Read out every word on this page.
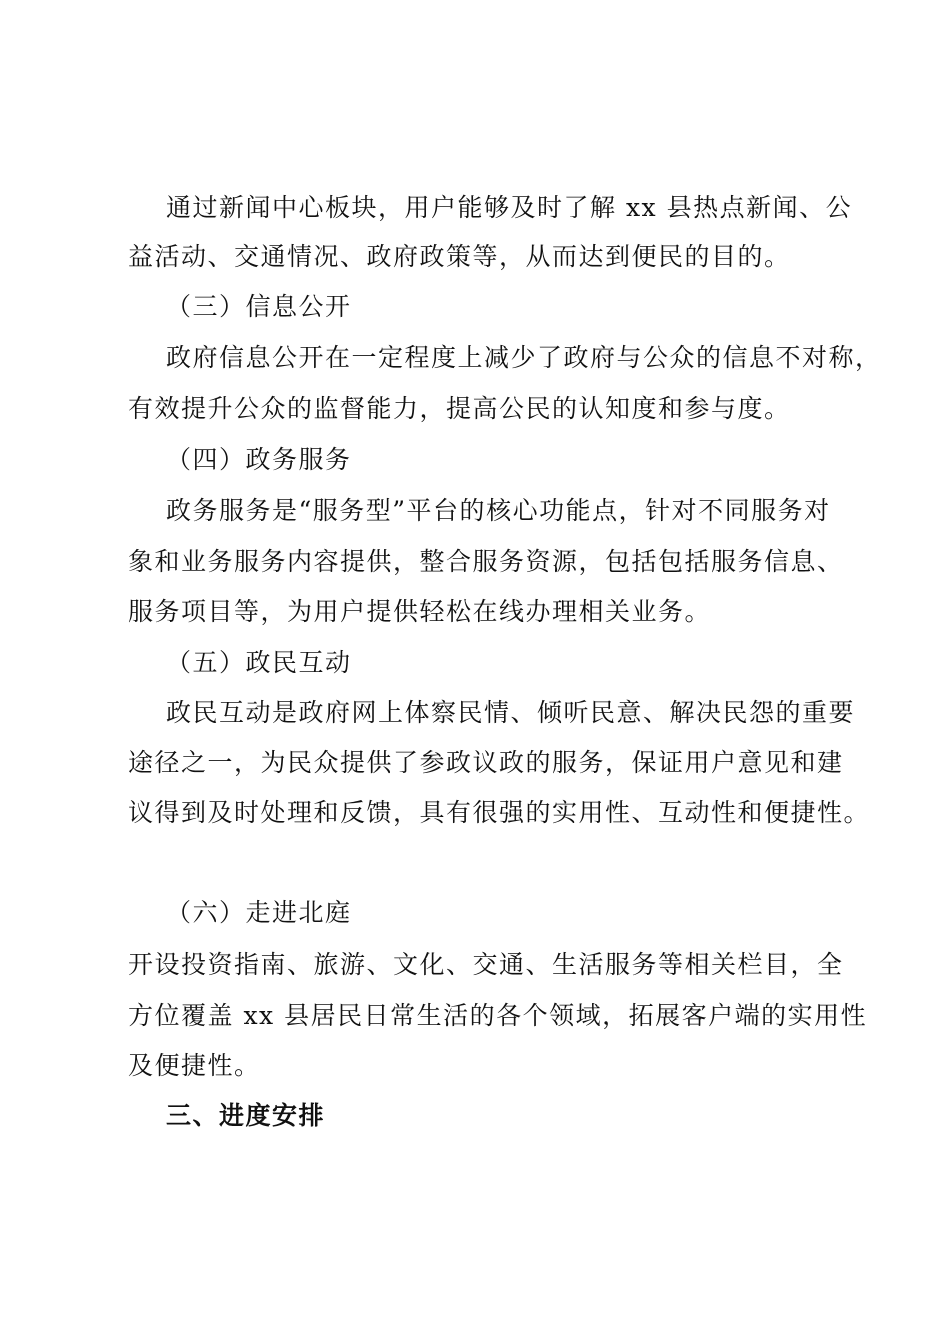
通过新闻中心板块，用户能够及时了解 xx 县热点新闻、公
益活动、交通情况、政府政策等，从而达到便民的目的。
（三）信息公开
政府信息公开在一定程度上减少了政府与公众的信息不对称，
有效提升公众的监督能力，提高公民的认知度和参与度。
（四）政务服务
政务服务是“服务型”平台的核心功能点，针对不同服务对
象和业务服务内容提供，整合服务资源，包括包括服务信息、
服务项目等，为用户提供轻松在线办理相关业务。
（五）政民互动
政民互动是政府网上体察民情、倾听民意、解决民怨的重要
途径之一，为民众提供了参政议政的服务，保证用户意见和建
议得到及时处理和反馈，具有很强的实用性、互动性和便捷性。
（六）走进北庭
开设投资指南、旅游、文化、交通、生活服务等相关栏目，全
方位覆盖 xx 县居民日常生活的各个领域，拓展客户端的实用性
及便捷性。
三、进度安排
